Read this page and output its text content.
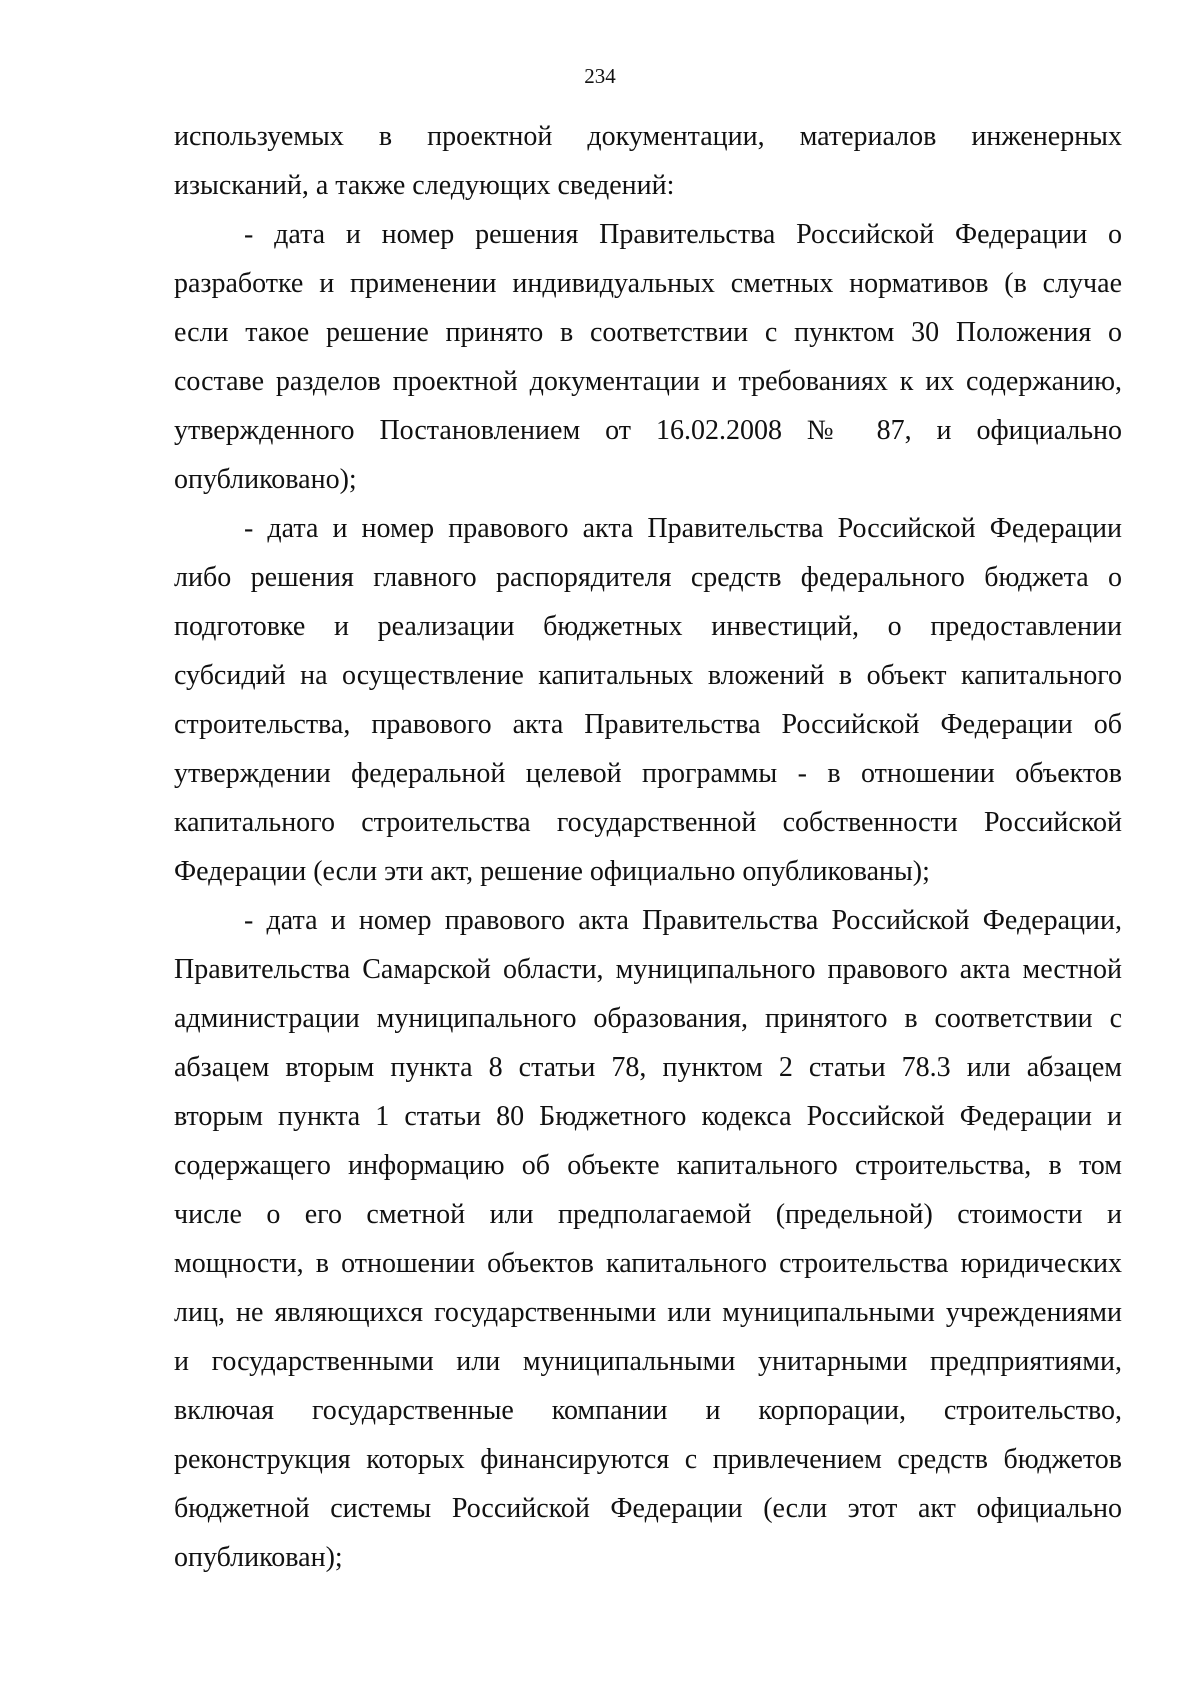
234
используемых в проектной документации, материалов инженерных
изысканий, а также следующих сведений:
- дата и номер решения Правительства Российской Федерации о
разработке и применении индивидуальных сметных нормативов (в случае
если такое решение принято в соответствии с пунктом 30 Положения о
составе разделов проектной документации и требованиях к их содержанию,
утвержденного Постановлением от 16.02.2008 № 87, и официально
опубликовано);
- дата и номер правового акта Правительства Российской Федерации
либо решения главного распорядителя средств федерального бюджета о
подготовке и реализации бюджетных инвестиций, о предоставлении
субсидий на осуществление капитальных вложений в объект капитального
строительства, правового акта Правительства Российской Федерации об
утверждении федеральной целевой программы - в отношении объектов
капитального строительства государственной собственности Российской
Федерации (если эти акт, решение официально опубликованы);
- дата и номер правового акта Правительства Российской Федерации,
Правительства Самарской области, муниципального правового акта местной
администрации муниципального образования, принятого в соответствии с
абзацем вторым пункта 8 статьи 78, пунктом 2 статьи 78.3 или абзацем
вторым пункта 1 статьи 80 Бюджетного кодекса Российской Федерации и
содержащего информацию об объекте капитального строительства, в том
числе о его сметной или предполагаемой (предельной) стоимости и
мощности, в отношении объектов капитального строительства юридических
лиц, не являющихся государственными или муниципальными учреждениями
и государственными или муниципальными унитарными предприятиями,
включая государственные компании и корпорации, строительство,
реконструкция которых финансируются с привлечением средств бюджетов
бюджетной системы Российской Федерации (если этот акт официально
опубликован);
